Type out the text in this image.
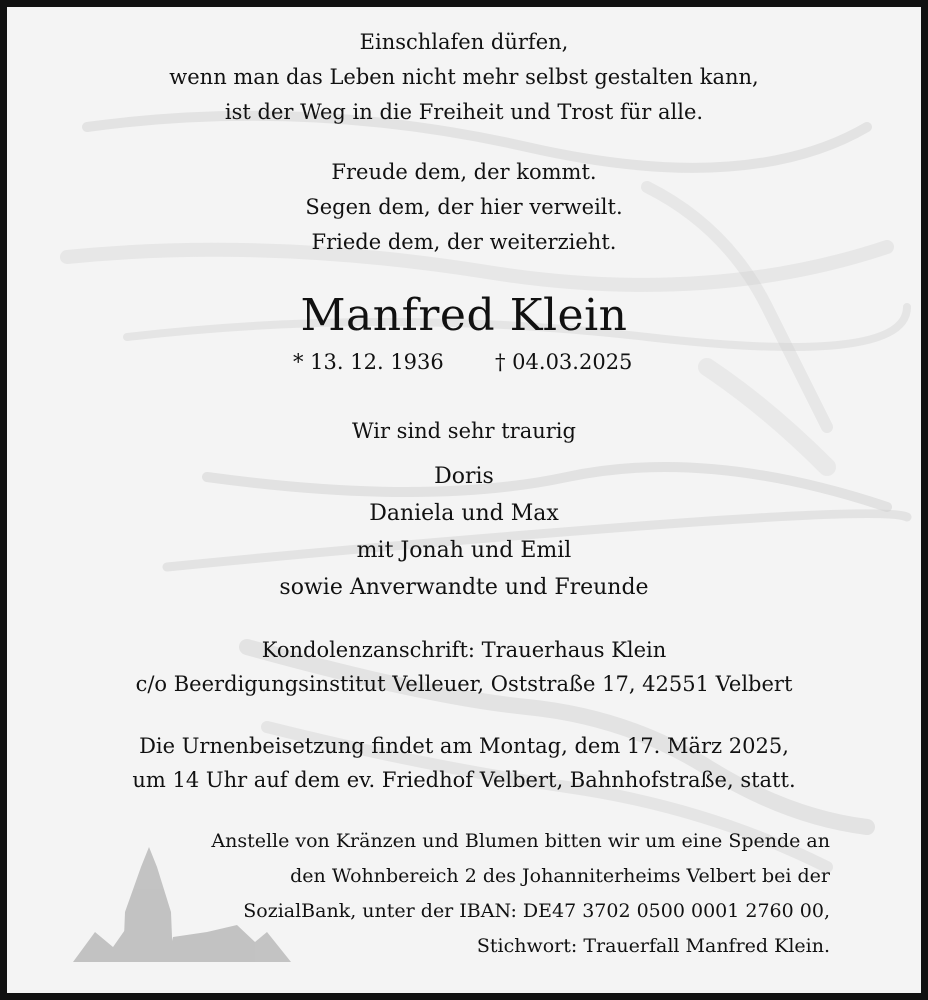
Einschlafen dürfen,
wenn man das Leben nicht mehr selbst gestalten kann,
ist der Weg in die Freiheit und Trost für alle.
Freude dem, der kommt.
Segen dem, der hier verweilt.
Friede dem, der weiterzieht.
Manfred Klein
* 13. 12. 1936 † 04.03.2025
Wir sind sehr traurig
Doris
Daniela und Max
mit Jonah und Emil
sowie Anverwandte und Freunde
Kondolenzanschrift: Trauerhaus Klein
c/o Beerdigungsinstitut Velleuer, Oststraße 17, 42551 Velbert
Die Urnenbeisetzung findet am Montag, dem 17. März 2025,
um 14 Uhr auf dem ev. Friedhof Velbert, Bahnhofstraße, statt.
Anstelle von Kränzen und Blumen bitten wir um eine Spende an
den Wohnbereich 2 des Johanniterheims Velbert bei der
SozialBank, unter der IBAN: DE47 3702 0500 0001 2760 00,
Stichwort: Trauerfall Manfred Klein.
